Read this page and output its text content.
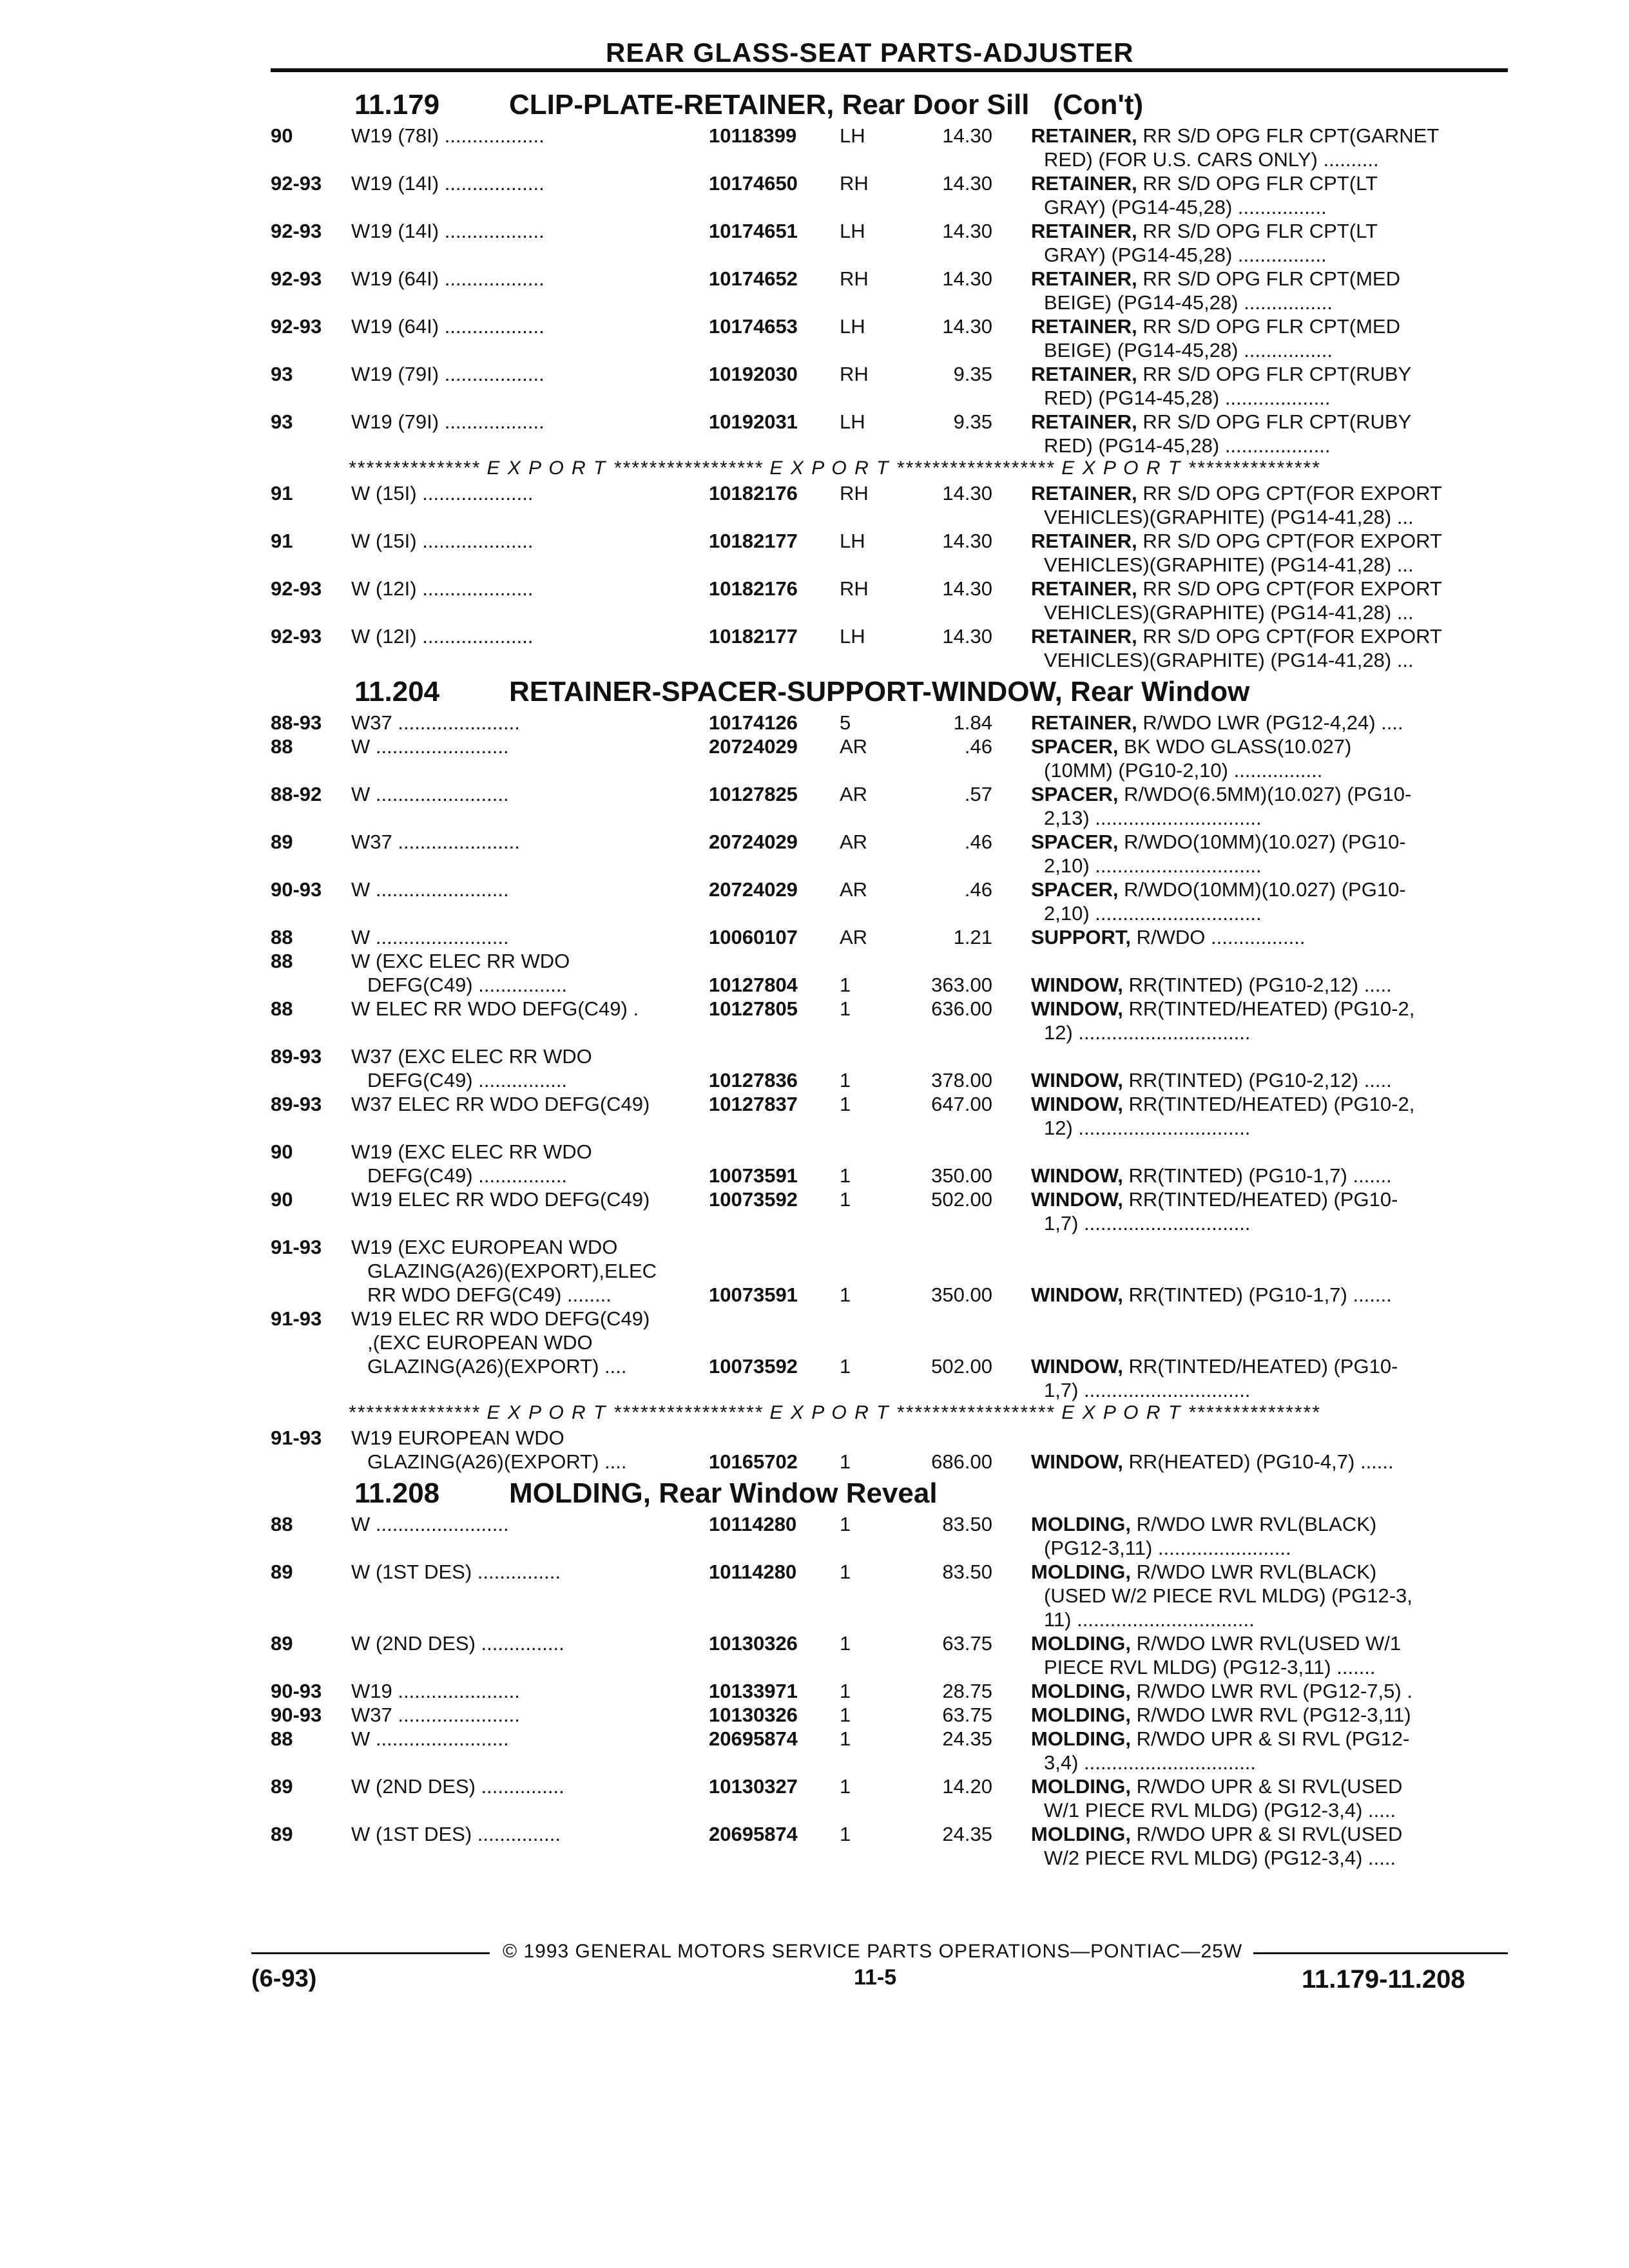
REAR GLASS-SEAT PARTS-ADJUSTER
11.179 CLIP-PLATE-RETAINER, Rear Door Sill   (Con't)
90	W19 (78I) ..................	10118399 LH	14.30 RETAINER, RR S/D OPG FLR CPT(GARNET
RED) (FOR U.S. CARS ONLY) ..........
92-93 W19 (14I) ..................	10174650 RH	14.30 RETAINER, RR S/D OPG FLR CPT(LT
GRAY) (PG14-45,28) ................
92-93 W19 (14I) ..................	10174651 LH	14.30 RETAINER, RR S/D OPG FLR CPT(LT
GRAY) (PG14-45,28) ................
92-93 W19 (64I) ..................	10174652 RH	14.30 RETAINER, RR S/D OPG FLR CPT(MED
BEIGE) (PG14-45,28) ................
92-93 W19 (64I) ..................	10174653 LH	14.30 RETAINER, RR S/D OPG FLR CPT(MED
BEIGE) (PG14-45,28) ................
93	W19 (79I) ..................	10192030 RH	9.35 RETAINER, RR S/D OPG FLR CPT(RUBY
RED) (PG14-45,28) ...................
93	W19 (79I) ..................	10192031 LH	9.35 RETAINER, RR S/D OPG FLR CPT(RUBY
RED) (PG14-45,28) ...................
*************** E X P O R T ***************** E X P O R T ****************** E X P O R T ***************
91	W (15I) ....................	10182176 RH	14.30 RETAINER, RR S/D OPG CPT(FOR EXPORT
VEHICLES)(GRAPHITE) (PG14-41,28) ...
91	W (15I) ....................	10182177 LH	14.30 RETAINER, RR S/D OPG CPT(FOR EXPORT
VEHICLES)(GRAPHITE) (PG14-41,28) ...
92-93 W (12I) ....................	10182176 RH	14.30 RETAINER, RR S/D OPG CPT(FOR EXPORT
VEHICLES)(GRAPHITE) (PG14-41,28) ...
92-93 W (12I) ....................	10182177 LH	14.30 RETAINER, RR S/D OPG CPT(FOR EXPORT
VEHICLES)(GRAPHITE) (PG14-41,28) ...
11.204 RETAINER-SPACER-SUPPORT-WINDOW, Rear Window
88-93 W37 ......................	10174126 5	1.84 RETAINER, R/WDO LWR (PG12-4,24) ....
88	W ........................	20724029 AR	.46 SPACER, BK WDO GLASS(10.027)
(10MM) (PG10-2,10) ................
88-92 W ........................	10127825 AR	.57 SPACER, R/WDO(6.5MM)(10.027) (PG10-
2,13) ..............................
89	W37 ......................	20724029 AR	.46 SPACER, R/WDO(10MM)(10.027) (PG10-
2,10) ..............................
90-93 W ........................	20724029 AR	.46 SPACER, R/WDO(10MM)(10.027) (PG10-
2,10) ..............................
88	W ........................	10060107 AR	1.21 SUPPORT, R/WDO .................
88	W (EXC ELEC RR WDO
DEFG(C49) ................	10127804 1	363.00 WINDOW, RR(TINTED) (PG10-2,12) .....
88	W ELEC RR WDO DEFG(C49) .	10127805 1	636.00 WINDOW, RR(TINTED/HEATED) (PG10-2,
12) ...............................
89-93 W37 (EXC ELEC RR WDO
DEFG(C49) ................	10127836 1	378.00 WINDOW, RR(TINTED) (PG10-2,12) .....
89-93 W37 ELEC RR WDO DEFG(C49)	10127837 1	647.00 WINDOW, RR(TINTED/HEATED) (PG10-2,
12) ...............................
90	W19 (EXC ELEC RR WDO
DEFG(C49) ................	10073591 1	350.00 WINDOW, RR(TINTED) (PG10-1,7) .......
90	W19 ELEC RR WDO DEFG(C49)	10073592 1	502.00 WINDOW, RR(TINTED/HEATED) (PG10-
1,7) ..............................
91-93 W19 (EXC EUROPEAN WDO
GLAZING(A26)(EXPORT),ELEC
RR WDO DEFG(C49) ........	10073591 1	350.00 WINDOW, RR(TINTED) (PG10-1,7) .......
91-93 W19 ELEC RR WDO DEFG(C49)
,(EXC EUROPEAN WDO
GLAZING(A26)(EXPORT) ....	10073592 1	502.00 WINDOW, RR(TINTED/HEATED) (PG10-
1,7) ..............................
*************** E X P O R T ***************** E X P O R T ****************** E X P O R T ***************
91-93 W19 EUROPEAN WDO
GLAZING(A26)(EXPORT) ....	10165702 1	686.00 WINDOW, RR(HEATED) (PG10-4,7) ......
11.208 MOLDING, Rear Window Reveal
88	W ........................	10114280 1	83.50 MOLDING, R/WDO LWR RVL(BLACK)
(PG12-3,11) ........................
89	W (1ST DES) ...............	10114280 1	83.50 MOLDING, R/WDO LWR RVL(BLACK)
(USED W/2 PIECE RVL MLDG) (PG12-3,
11) ................................
89	W (2ND DES) ...............	10130326 1	63.75 MOLDING, R/WDO LWR RVL(USED W/1
PIECE RVL MLDG) (PG12-3,11) .......
90-93 W19 ......................	10133971 1	28.75 MOLDING, R/WDO LWR RVL (PG12-7,5) .
90-93 W37 ......................	10130326 1	63.75 MOLDING, R/WDO LWR RVL (PG12-3,11)
88	W ........................	20695874 1	24.35 MOLDING, R/WDO UPR & SI RVL (PG12-
3,4) ...............................
89	W (2ND DES) ...............	10130327 1	14.20 MOLDING, R/WDO UPR & SI RVL(USED
W/1 PIECE RVL MLDG) (PG12-3,4) .....
89	W (1ST DES) ...............	20695874 1	24.35 MOLDING, R/WDO UPR & SI RVL(USED
W/2 PIECE RVL MLDG) (PG12-3,4) .....
© 1993 GENERAL MOTORS SERVICE PARTS OPERATIONS—PONTIAC—25W
(6-93)	11-5	11.179-11.208
